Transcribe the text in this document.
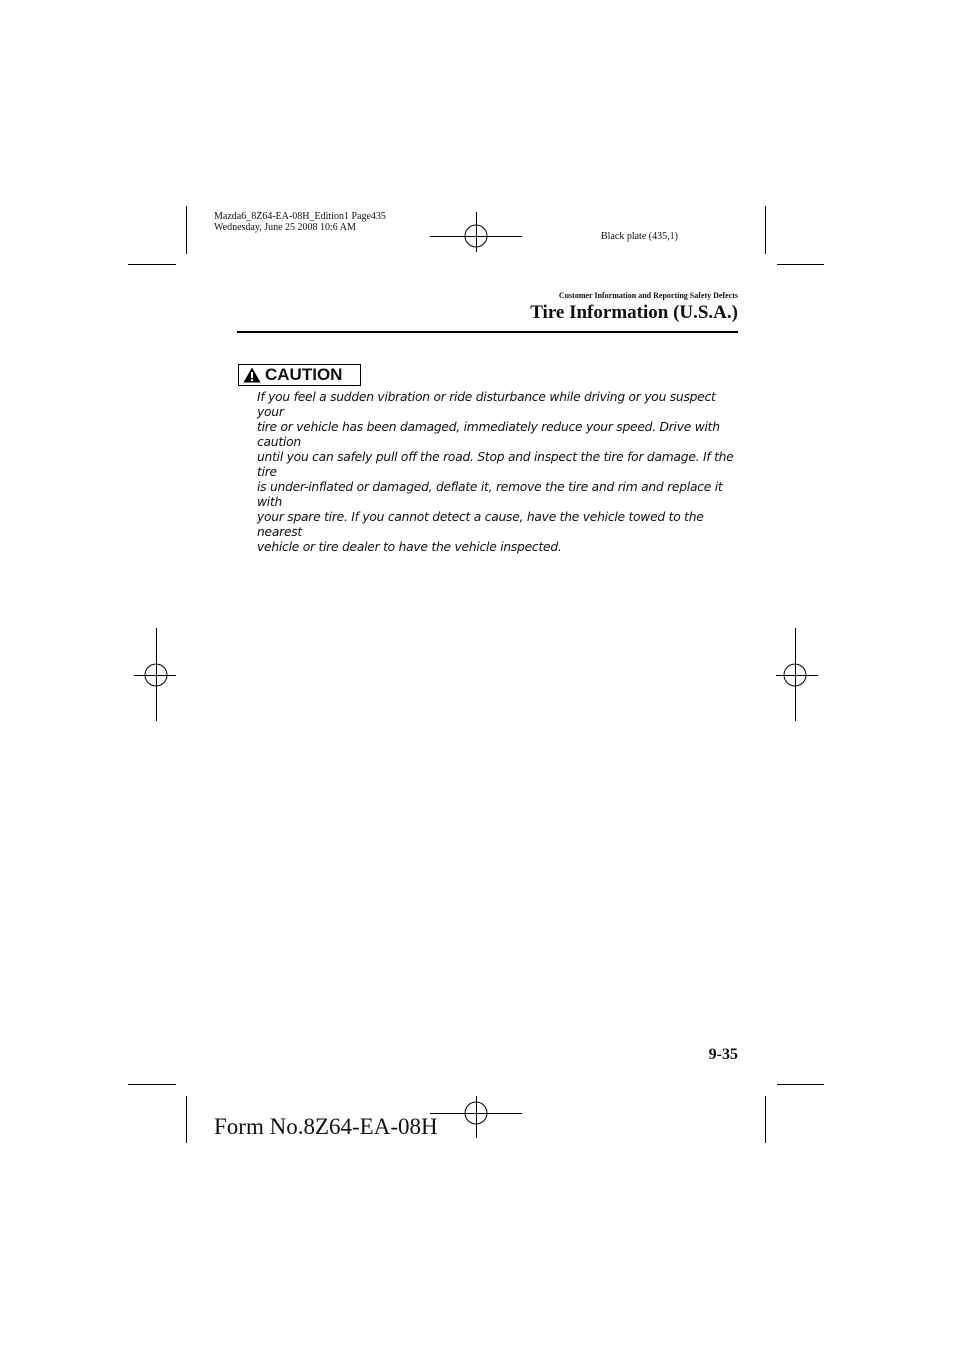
Mazda6_8Z64-EA-08H_Edition1 Page435
Wednesday, June 25 2008 10:6 AM
Black plate (435,1)
Customer Information and Reporting Safety Defects
Tire Information (U.S.A.)
CAUTION
If you feel a sudden vibration or ride disturbance while driving or you suspect your
tire or vehicle has been damaged, immediately reduce your speed. Drive with caution
until you can safely pull off the road. Stop and inspect the tire for damage. If the tire
is under-inflated or damaged, deflate it, remove the tire and rim and replace it with
your spare tire. If you cannot detect a cause, have the vehicle towed to the nearest
vehicle or tire dealer to have the vehicle inspected.
9-35
Form No.8Z64-EA-08H
